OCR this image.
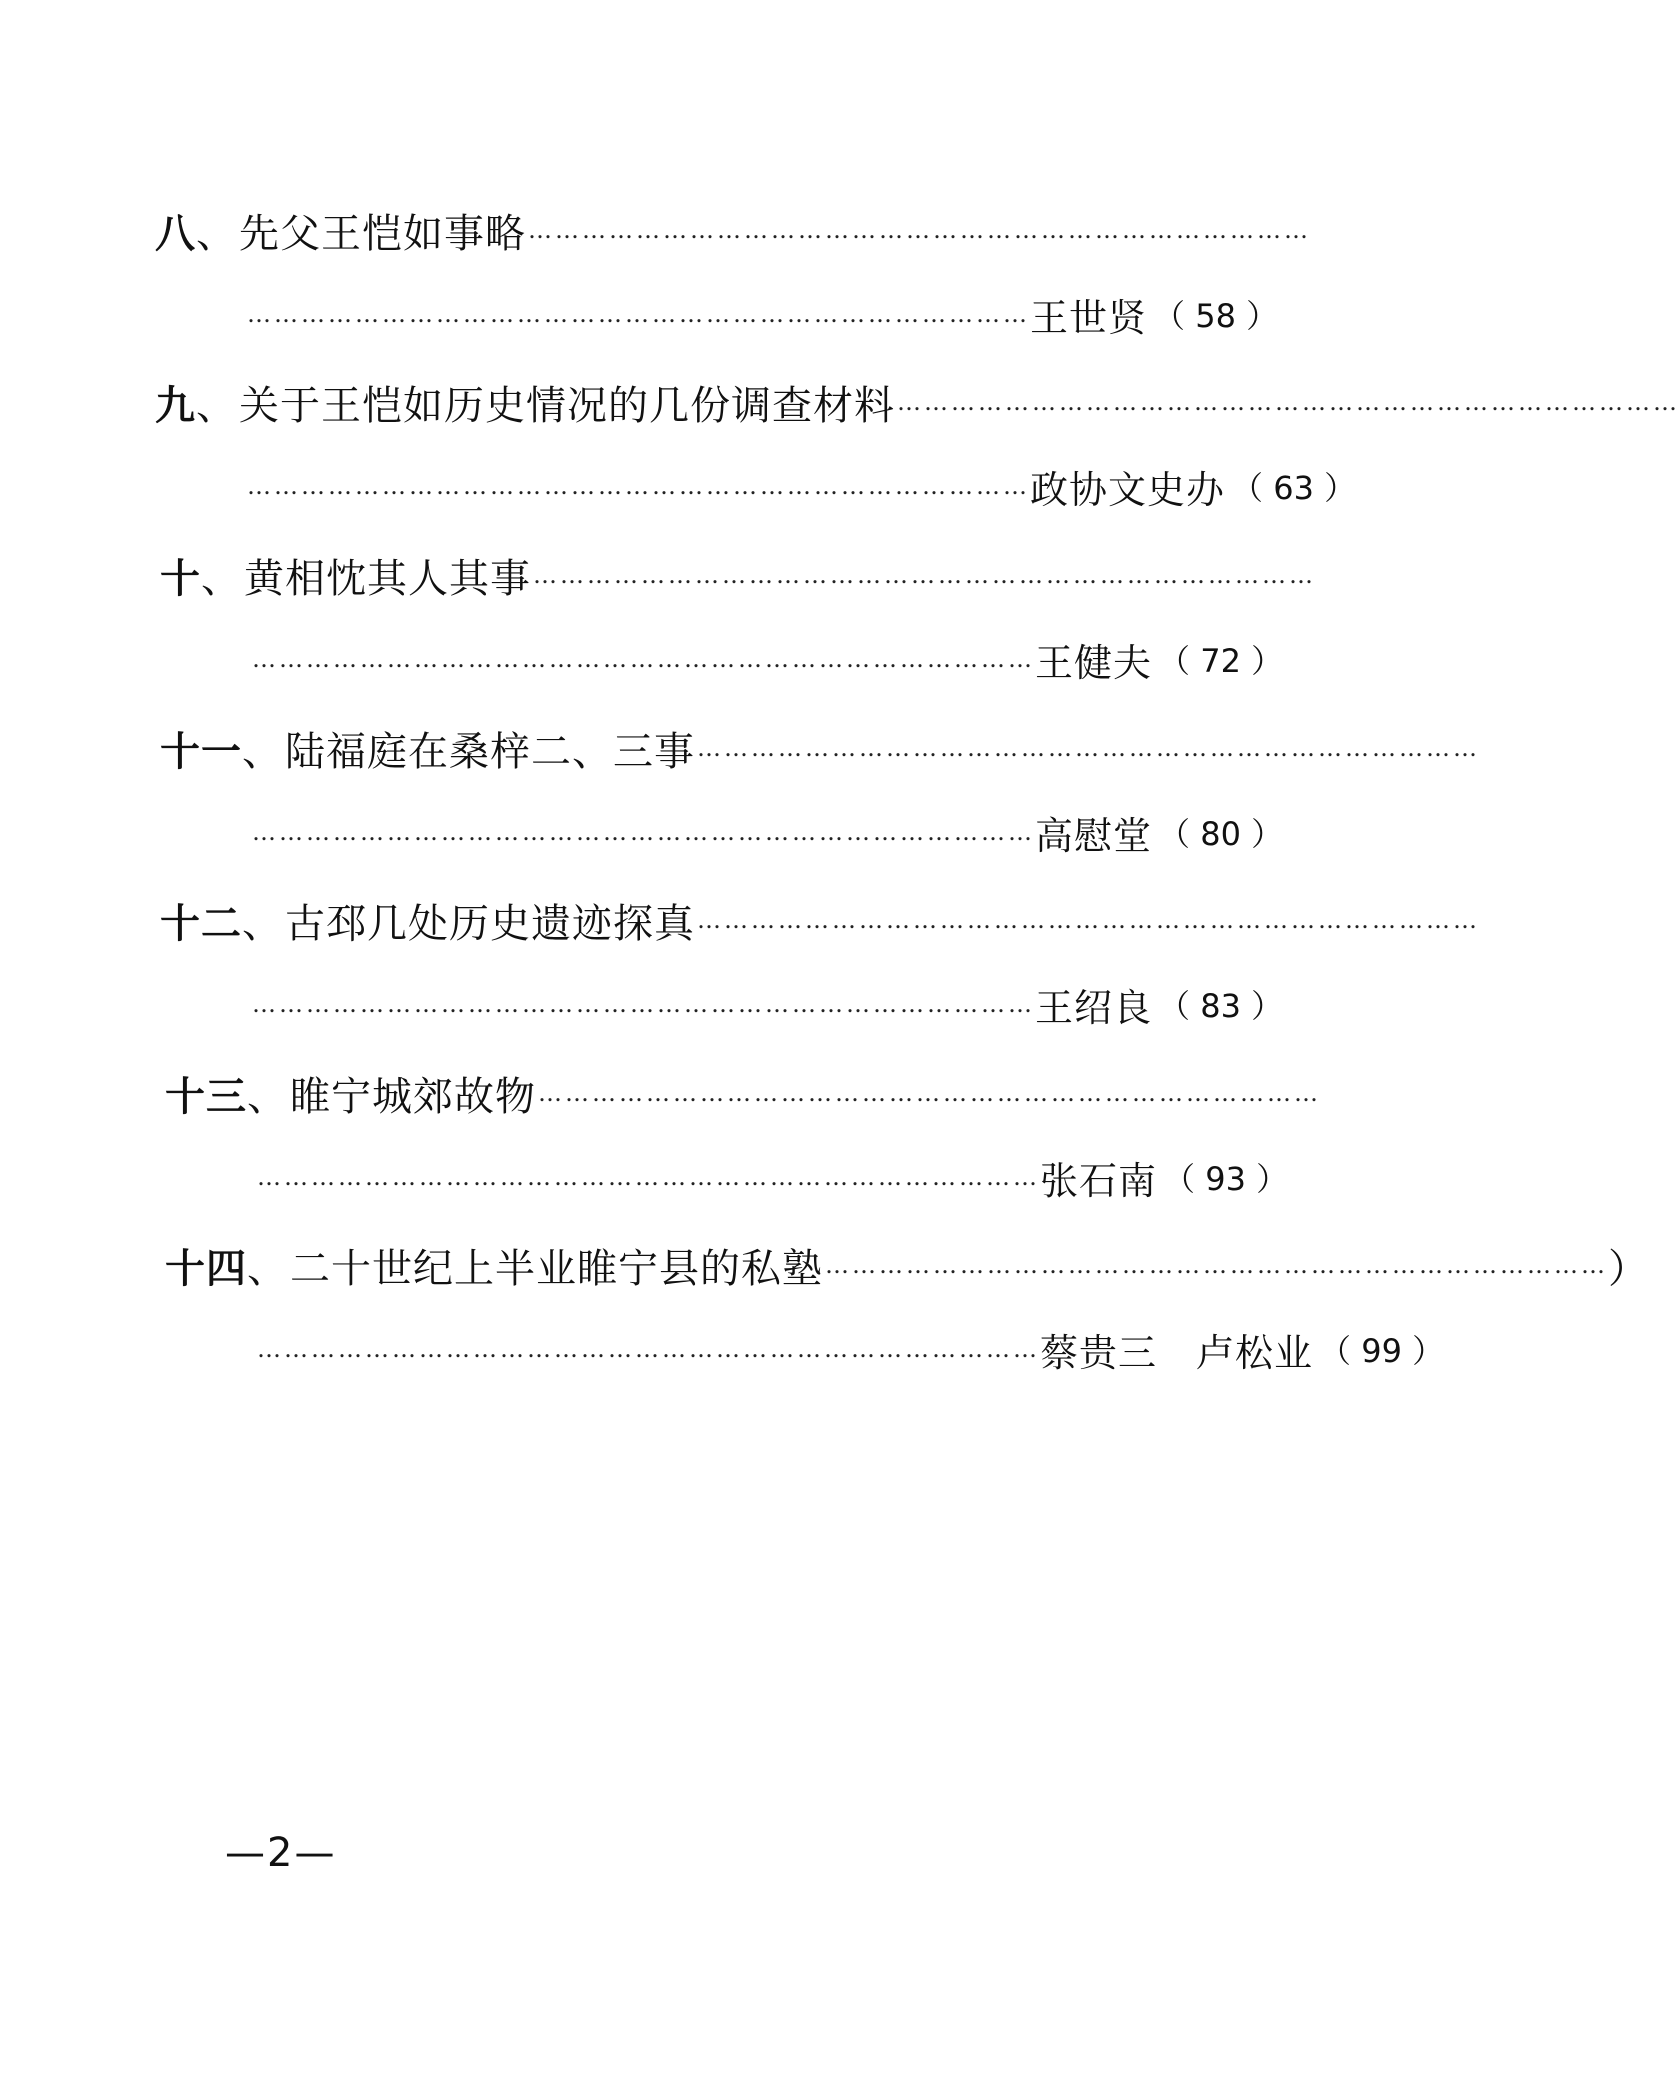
八 、 先父王恺如事略 ……………………………………………………………………………
…………………………………………………………………………… 王世贤 （ 58 ）
九 、 关于王恺如历史情况的几份调查材料 ……………………………………………………………………………
…………………………………………………………………………… 政协文史办 （ 63 ）
十 、 黄相忱其人其事 ……………………………………………………………………………
…………………………………………………………………………… 王健夫 （ 72 ）
十一 、 陆福庭在桑梓二、三事 ……………………………………………………………………………
…………………………………………………………………………… 高慰堂 （ 80 ）
十二 、 古邳几处历史遗迹探真 ……………………………………………………………………………
…………………………………………………………………………… 王绍良 （ 83 ）
十三 、 睢宁城郊故物 ……………………………………………………………………………
…………………………………………………………………………… 张石南 （ 93 ）
十四 、 二十世纪上半业睢宁县的私塾 …………………………………………………………………………… ）
…………………………………………………………………………… 蔡贵三　卢松业 （ 99 ）
—2—
